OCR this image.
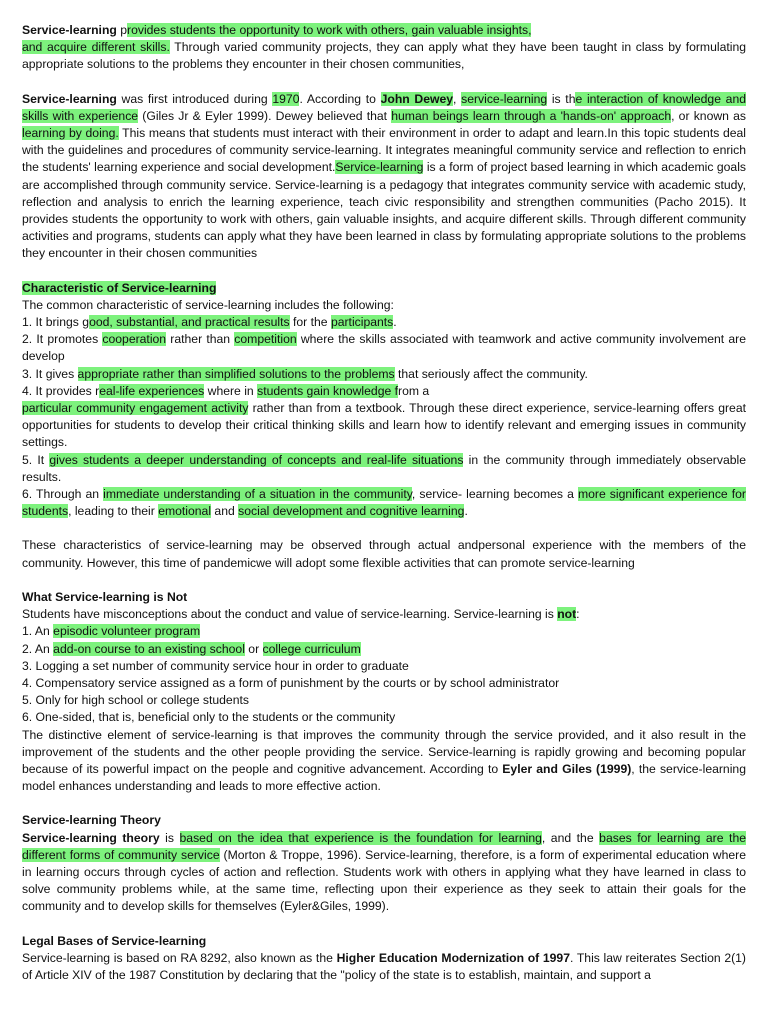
Service-learning provides students the opportunity to work with others, gain valuable insights,
and acquire different skills. Through varied community projects, they can apply what they have been taught in class by formulating appropriate solutions to the problems they encounter in their chosen communities,

Service-learning was first introduced during 1970. According to John Dewey, service-learning is the interaction of knowledge and skills with experience (Giles Jr & Eyler 1999). Dewey believed that human beings learn through a 'hands-on' approach, or known as learning by doing. This means that students must interact with their environment in order to adapt and learn.In this topic students deal with the guidelines and procedures of community service-learning. It integrates meaningful community service and reflection to enrich the students' learning experience and social development.Service-learning is a form of project based learning in which academic goals are accomplished through community service. Service-learning is a pedagogy that integrates community service with academic study, reflection and analysis to enrich the learning experience, teach civic responsibility and strengthen communities (Pacho 2015). It provides students the opportunity to work with others, gain valuable insights, and acquire different skills. Through different community activities and programs, students can apply what they have been learned in class by formulating appropriate solutions to the problems they encounter in their chosen communities

Characteristic of Service-learning

The common characteristic of service-learning includes the following:

1. It brings good, substantial, and practical results for the participants.

2. It promotes cooperation rather than competition where the skills associated with teamwork and active community involvement are develop

3. It gives appropriate rather than simplified solutions to the problems that seriously affect the community.

4. It provides real-life experiences where in students gain knowledge from a
particular community engagement activity rather than from a textbook. Through these direct experience, service-learning offers great opportunities for students to develop their critical thinking skills and learn how to identify relevant and emerging issues in community settings.

5. It gives students a deeper understanding of concepts and real-life situations in the community through immediately observable results.

6. Through an immediate understanding of a situation in the community, service- learning becomes a more significant experience for students, leading to their emotional and social development and cognitive learning.

These characteristics of service-learning may be observed through actual andpersonal experience with the members of the community. However, this time of pandemicwe will adopt some flexible activities that can promote service-learning

What Service-learning is Not

Students have misconceptions about the conduct and value of service-learning. Service-learning is not:

1. An episodic volunteer program

2. An add-on course to an existing school or college curriculum

3. Logging a set number of community service hour in order to graduate

4. Compensatory service assigned as a form of punishment by the courts or by school administrator

5. Only for high school or college students

6. One-sided, that is, beneficial only to the students or the community

The distinctive element of service-learning is that improves the community through the service provided, and it also result in the improvement of the students and the other people providing the service. Service-learning is rapidly growing and becoming popular because of its powerful impact on the people and cognitive advancement. According to Eyler and Giles (1999), the service-learning model enhances understanding and leads to more effective action.

Service-learning Theory

Service-learning theory is based on the idea that experience is the foundation for learning, and the bases for learning are the different forms of community service (Morton & Troppe, 1996). Service-learning, therefore, is a form of experimental education where in learning occurs through cycles of action and reflection. Students work with others in applying what they have learned in class to solve community problems while, at the same time, reflecting upon their experience as they seek to attain their goals for the community and to develop skills for themselves (Eyler&Giles, 1999).

Legal Bases of Service-learning

Service-learning is based on RA 8292, also known as the Higher Education Modernization of 1997. This law reiterates Section 2(1) of Article XIV of the 1987 Constitution by declaring that the "policy of the state is to establish, maintain, and support a
